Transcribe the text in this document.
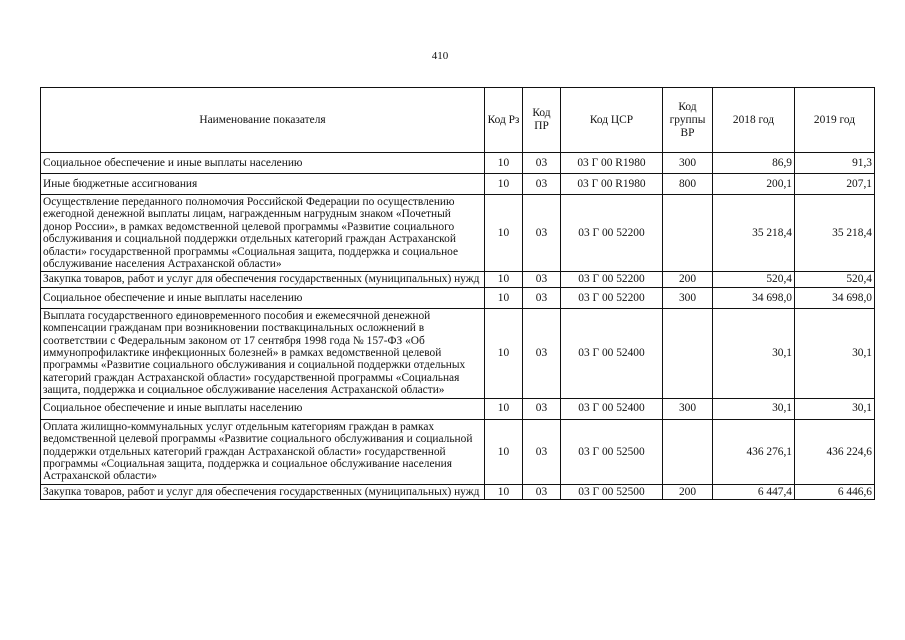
410
Наименование показателя	Код Рз	Код ПР	Код ЦСР	Код группы ВР	2018 год	2019 год
Социальное обеспечение и иные выплаты населению	10	03	03 Г 00 R1980	300	86,9	91,3
Иные бюджетные ассигнования	10	03	03 Г 00 R1980	800	200,1	207,1
Осуществление переданного полномочия Российской Федерации по осуществлению ежегодной денежной выплаты лицам, награжденным нагрудным знаком «Почетный донор России», в рамках ведомственной целевой программы «Развитие социального обслуживания и социальной поддержки отдельных категорий граждан Астраханской области» государственной программы «Социальная защита, поддержка и социальное обслуживание населения Астраханской области»	10	03	03 Г 00 52200		35 218,4	35 218,4
Закупка товаров, работ и услуг для обеспечения государственных (муниципальных) нужд	10	03	03 Г 00 52200	200	520,4	520,4
Социальное обеспечение и иные выплаты населению	10	03	03 Г 00 52200	300	34 698,0	34 698,0
Выплата государственного единовременного пособия и ежемесячной денежной компенсации гражданам при возникновении поствакцинальных осложнений в соответствии с Федеральным законом от 17 сентября 1998 года № 157-ФЗ «Об иммунопрофилактике инфекционных болезней» в рамках ведомственной целевой программы «Развитие социального обслуживания и социальной поддержки отдельных категорий граждан Астраханской области» государственной программы «Социальная защита, поддержка и социальное обслуживание населения Астраханской области»	10	03	03 Г 00 52400		30,1	30,1
Социальное обеспечение и иные выплаты населению	10	03	03 Г 00 52400	300	30,1	30,1
Оплата жилищно-коммунальных услуг отдельным категориям граждан в рамках ведомственной целевой программы «Развитие социального обслуживания и социальной поддержки отдельных категорий граждан Астраханской области» государственной программы «Социальная защита, поддержка и социальное обслуживание населения Астраханской области»	10	03	03 Г 00 52500		436 276,1	436 224,6
Закупка товаров, работ и услуг для обеспечения государственных (муниципальных) нужд	10	03	03 Г 00 52500	200	6 447,4	6 446,6
